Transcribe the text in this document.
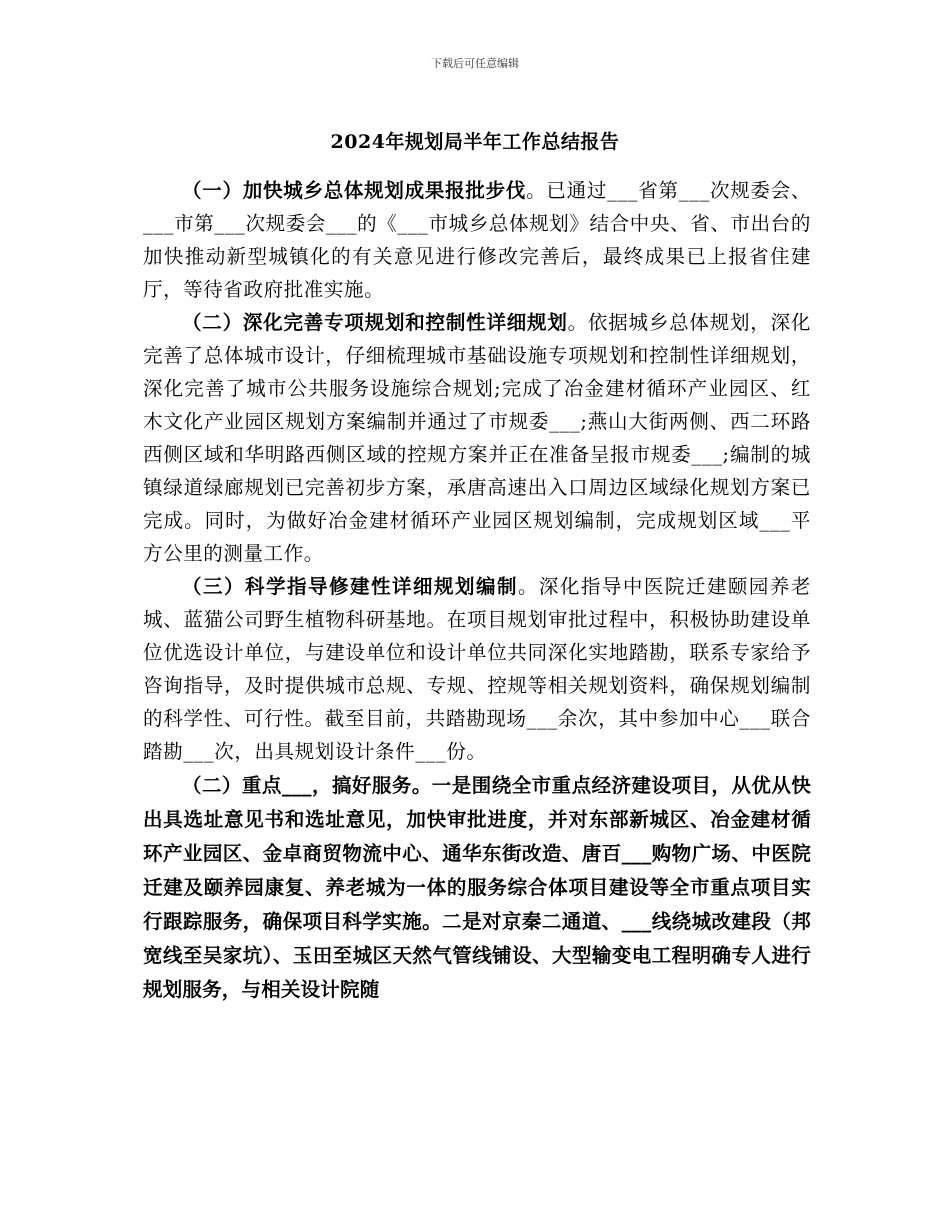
下载后可任意编辑
2024年规划局半年工作总结报告

（一）加快城乡总体规划成果报批步伐。已通过___省第___次规委会、___市第___次规委会___的《___市城乡总体规划》结合中央、省、市出台的加快推动新型城镇化的有关意见进行修改完善后，最终成果已上报省住建厅，等待省政府批准实施。

（二）深化完善专项规划和控制性详细规划。依据城乡总体规划，深化完善了总体城市设计，仔细梳理城市基础设施专项规划和控制性详细规划，深化完善了城市公共服务设施综合规划;完成了冶金建材循环产业园区、红木文化产业园区规划方案编制并通过了市规委___;燕山大街两侧、西二环路西侧区域和华明路西侧区域的控规方案并正在准备呈报市规委___;编制的城镇绿道绿廊规划已完善初步方案，承唐高速出入口周边区域绿化规划方案已完成。同时，为做好冶金建材循环产业园区规划编制，完成规划区域___平方公里的测量工作。

（三）科学指导修建性详细规划编制。深化指导中医院迁建颐园养老城、蓝猫公司野生植物科研基地。在项目规划审批过程中，积极协助建设单位优选设计单位，与建设单位和设计单位共同深化实地踏勘，联系专家给予咨询指导，及时提供城市总规、专规、控规等相关规划资料，确保规划编制的科学性、可行性。截至目前，共踏勘现场___余次，其中参加中心___联合踏勘___次，出具规划设计条件___份。

（二）重点___，搞好服务。一是围绕全市重点经济建设项目，从优从快出具选址意见书和选址意见，加快审批进度，并对东部新城区、冶金建材循环产业园区、金卓商贸物流中心、通华东街改造、唐百___购物广场、中医院迁建及颐养园康复、养老城为一体的服务综合体项目建设等全市重点项目实行跟踪服务，确保项目科学实施。二是对京秦二通道、___线绕城改建段（邦宽线至吴家坑）、玉田至城区天然气管线铺设、大型输变电工程明确专人进行规划服务，与相关设计院随
